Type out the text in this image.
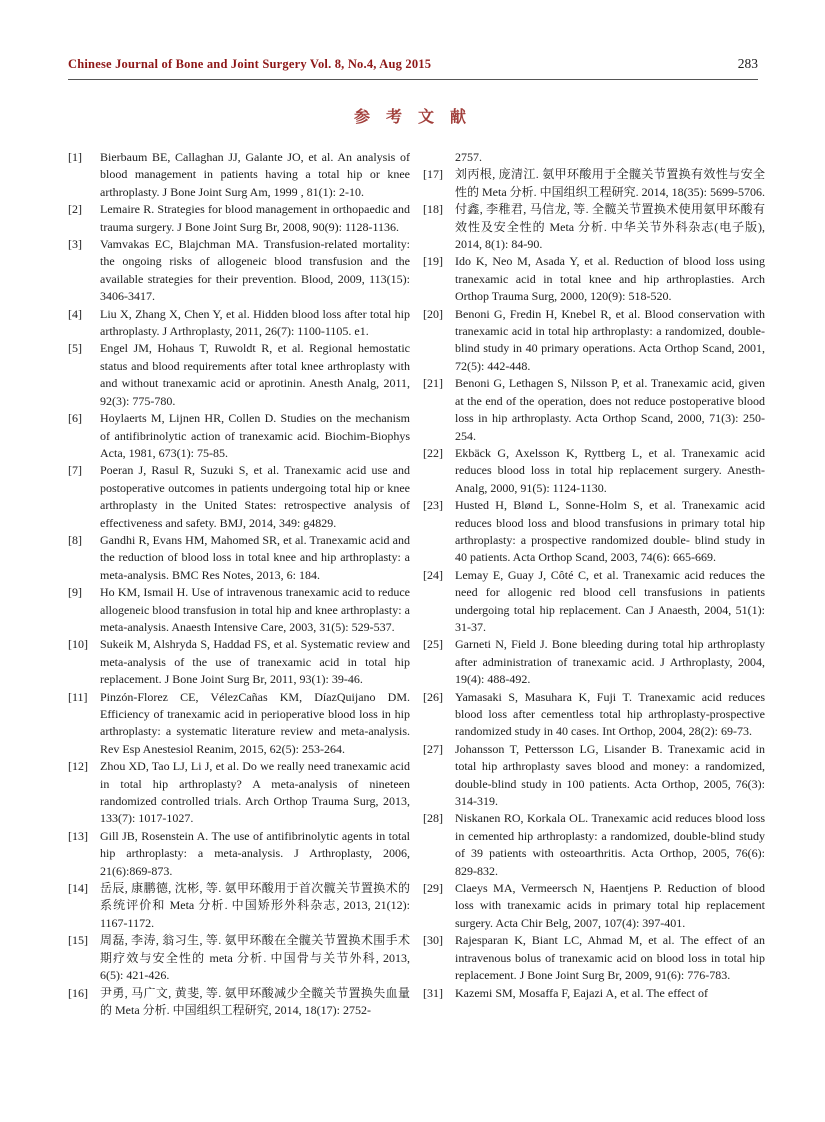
Chinese Journal of Bone and Joint Surgery Vol. 8, No.4, Aug 2015	283
参 考 文 献
[1] Bierbaum BE, Callaghan JJ, Galante JO, et al. An analysis of blood management in patients having a total hip or knee arthroplasty. J Bone Joint Surg Am, 1999 , 81(1): 2-10.
[2] Lemaire R. Strategies for blood management in orthopaedic and trauma surgery. J Bone Joint Surg Br, 2008, 90(9): 1128-1136.
[3] Vamvakas EC, Blajchman MA. Transfusion-related mortality: the ongoing risks of allogeneic blood transfusion and the available strategies for their prevention. Blood, 2009, 113(15): 3406-3417.
[4] Liu X, Zhang X, Chen Y, et al. Hidden blood loss after total hip arthroplasty. J Arthroplasty, 2011, 26(7): 1100-1105. e1.
[5] Engel JM, Hohaus T, Ruwoldt R, et al. Regional hemostatic status and blood requirements after total knee arthroplasty with and without tranexamic acid or aprotinin. Anesth Analg, 2011, 92(3): 775-780.
[6] Hoylaerts M, Lijnen HR, Collen D. Studies on the mechanism of antifibrinolytic action of tranexamic acid. Biochim-Biophys Acta, 1981, 673(1): 75-85.
[7] Poeran J, Rasul R, Suzuki S, et al. Tranexamic acid use and postoperative outcomes in patients undergoing total hip or knee arthroplasty in the United States: retrospective analysis of effectiveness and safety. BMJ, 2014, 349: g4829.
[8] Gandhi R, Evans HM, Mahomed SR, et al. Tranexamic acid and the reduction of blood loss in total knee and hip arthroplasty: a meta-analysis. BMC Res Notes, 2013, 6: 184.
[9] Ho KM, Ismail H. Use of intravenous tranexamic acid to reduce allogeneic blood transfusion in total hip and knee arthroplasty: a meta-analysis. Anaesth Intensive Care, 2003, 31(5): 529-537.
[10] Sukeik M, Alshryda S, Haddad FS, et al. Systematic review and meta-analysis of the use of tranexamic acid in total hip replacement. J Bone Joint Surg Br, 2011, 93(1): 39-46.
[11] Pinzón-Florez CE, VélezCañas KM, DíazQuijano DM. Efficiency of tranexamic acid in perioperative blood loss in hip arthroplasty: a systematic literature review and meta-analysis. Rev Esp Anestesiol Reanim, 2015, 62(5): 253-264.
[12] Zhou XD, Tao LJ, Li J, et al. Do we really need tranexamic acid in total hip arthroplasty? A meta-analysis of nineteen randomized controlled trials. Arch Orthop Trauma Surg, 2013, 133(7): 1017-1027.
[13] Gill JB, Rosenstein A. The use of antifibrinolytic agents in total hip arthroplasty: a meta-analysis. J Arthroplasty, 2006, 21(6):869-873.
[14] 岳辰, 康鹏德, 沈彬, 等. 氨甲环酸用于首次髋关节置换术的系统评价和 Meta 分析. 中国矫形外科杂志, 2013, 21(12): 1167-1172.
[15] 周磊, 李涛, 翁习生, 等. 氨甲环酸在全髋关节置换术围手术期疗效与安全性的 meta 分析. 中国骨与关节外科, 2013, 6(5): 421-426.
[16] 尹勇, 马广文, 黄斐, 等. 氨甲环酸减少全髋关节置换失血量的 Meta 分析. 中国组织工程研究, 2014, 18(17): 2752-
2757.
[17] 刘丙根, 庞清江. 氨甲环酸用于全髋关节置换有效性与安全性的 Meta 分析. 中国组织工程研究. 2014, 18(35): 5699-5706.
[18] 付鑫, 李稚君, 马信龙, 等. 全髋关节置换术使用氨甲环酸有效性及安全性的 Meta 分析. 中华关节外科杂志(电子版), 2014, 8(1): 84-90.
[19] Ido K, Neo M, Asada Y, et al. Reduction of blood loss using tranexamic acid in total knee and hip arthroplasties. Arch Orthop Trauma Surg, 2000, 120(9): 518-520.
[20] Benoni G, Fredin H, Knebel R, et al. Blood conservation with tranexamic acid in total hip arthroplasty: a randomized, double-blind study in 40 primary operations. Acta Orthop Scand, 2001, 72(5): 442-448.
[21] Benoni G, Lethagen S, Nilsson P, et al. Tranexamic acid, given at the end of the operation, does not reduce postoperative blood loss in hip arthroplasty. Acta Orthop Scand, 2000, 71(3): 250-254.
[22] Ekbäck G, Axelsson K, Ryttberg L, et al. Tranexamic acid reduces blood loss in total hip replacement surgery. Anesth-Analg, 2000, 91(5): 1124-1130.
[23] Husted H, Blønd L, Sonne-Holm S, et al. Tranexamic acid reduces blood loss and blood transfusions in primary total hip arthroplasty: a prospective randomized double- blind study in 40 patients. Acta Orthop Scand, 2003, 74(6): 665-669.
[24] Lemay E, Guay J, Côté C, et al. Tranexamic acid reduces the need for allogenic red blood cell transfusions in patients undergoing total hip replacement. Can J Anaesth, 2004, 51(1): 31-37.
[25] Garneti N, Field J. Bone bleeding during total hip arthroplasty after administration of tranexamic acid. J Arthroplasty, 2004, 19(4): 488-492.
[26] Yamasaki S, Masuhara K, Fuji T. Tranexamic acid reduces blood loss after cementless total hip arthroplasty-prospective randomized study in 40 cases. Int Orthop, 2004, 28(2): 69-73.
[27] Johansson T, Pettersson LG, Lisander B. Tranexamic acid in total hip arthroplasty saves blood and money: a randomized, double-blind study in 100 patients. Acta Orthop, 2005, 76(3): 314-319.
[28] Niskanen RO, Korkala OL. Tranexamic acid reduces blood loss in cemented hip arthroplasty: a randomized, double-blind study of 39 patients with osteoarthritis. Acta Orthop, 2005, 76(6): 829-832.
[29] Claeys MA, Vermeersch N, Haentjens P. Reduction of blood loss with tranexamic acids in primary total hip replacement surgery. Acta Chir Belg, 2007, 107(4): 397-401.
[30] Rajesparan K, Biant LC, Ahmad M, et al. The effect of an intravenous bolus of tranexamic acid on blood loss in total hip replacement. J Bone Joint Surg Br, 2009, 91(6): 776-783.
[31] Kazemi SM, Mosaffa F, Eajazi A, et al. The effect of
